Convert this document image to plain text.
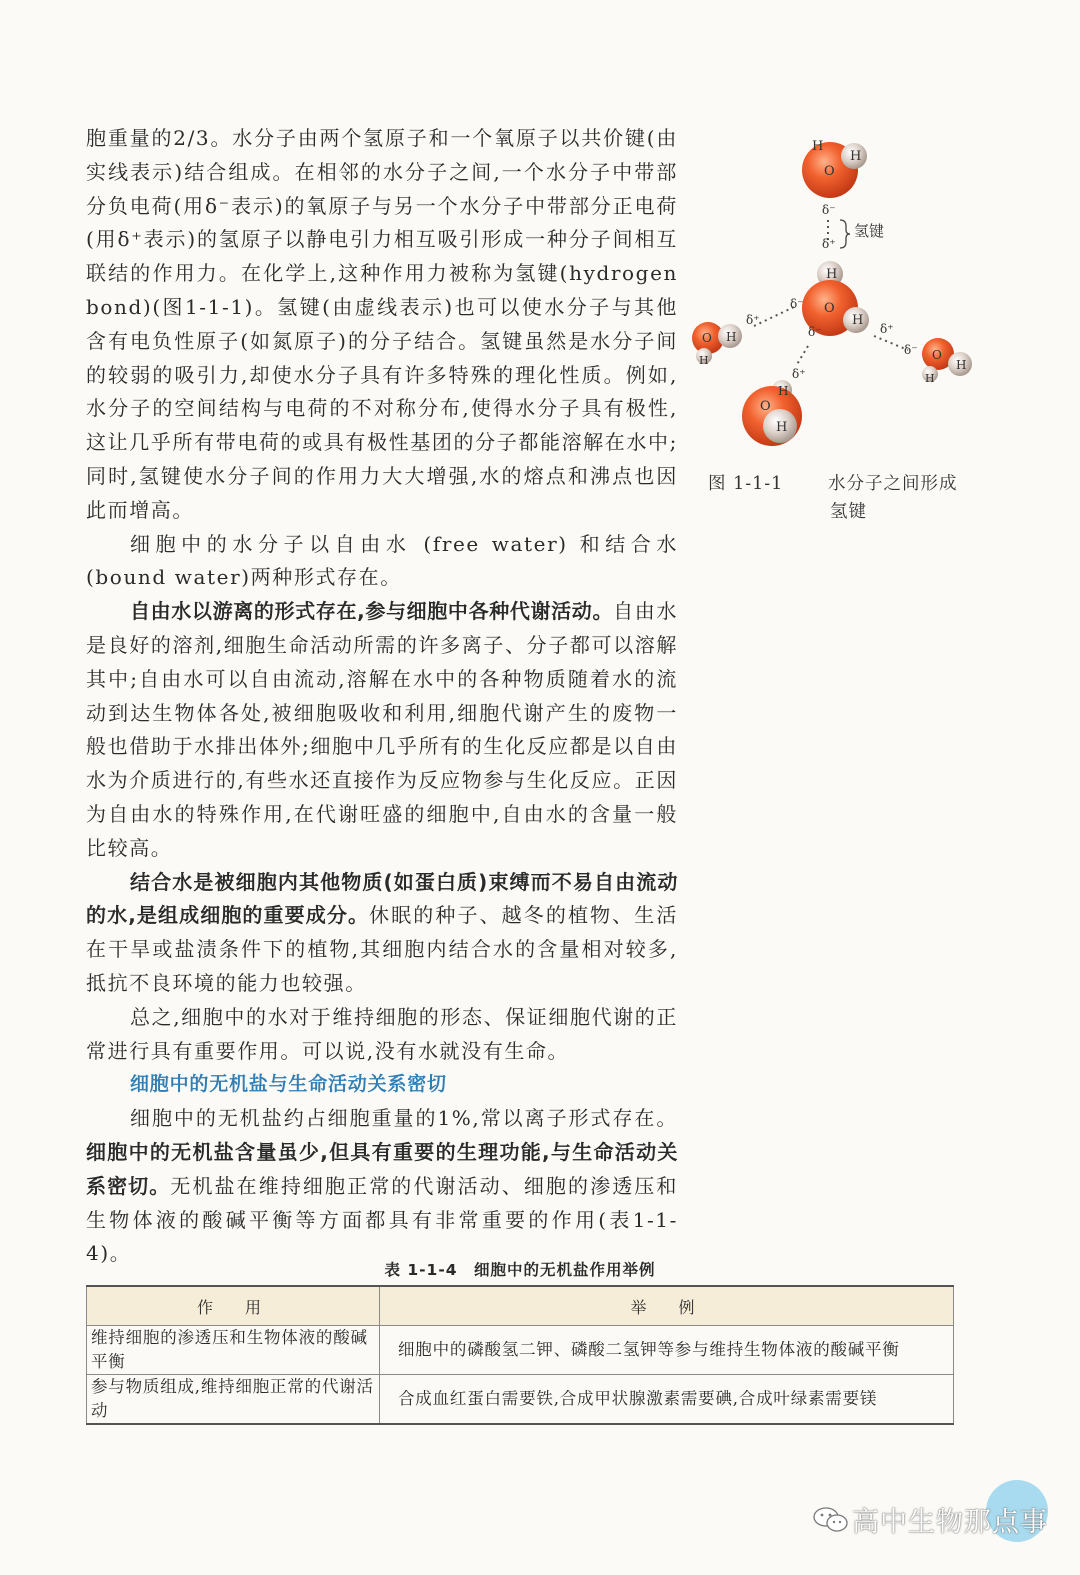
胞重量的2/3。水分子由两个氢原子和一个氧原子以共价键(由实线表示)结合组成。在相邻的水分子之间,一个水分子中带部分负电荷(用δ⁻表示)的氧原子与另一个水分子中带部分正电荷(用δ⁺表示)的氢原子以静电引力相互吸引形成一种分子间相互联结的作用力。在化学上,这种作用力被称为氢键(hydrogen bond)(图1-1-1)。氢键(由虚线表示)也可以使水分子与其他含有电负性原子(如氮原子)的分子结合。氢键虽然是水分子间的较弱的吸引力,却使水分子具有许多特殊的理化性质。例如,水分子的空间结构与电荷的不对称分布,使得水分子具有极性,这让几乎所有带电荷的或具有极性基团的分子都能溶解在水中;同时,氢键使水分子间的作用力大大增强,水的熔点和沸点也因此而增高。

细胞中的水分子以自由水 (free water) 和结合水(bound water)两种形式存在。

自由水以游离的形式存在,参与细胞中各种代谢活动。自由水是良好的溶剂,细胞生命活动所需的许多离子、分子都可以溶解其中;自由水可以自由流动,溶解在水中的各种物质随着水的流动到达生物体各处,被细胞吸收和利用,细胞代谢产生的废物一般也借助于水排出体外;细胞中几乎所有的生化反应都是以自由水为介质进行的,有些水还直接作为反应物参与生化反应。正因为自由水的特殊作用,在代谢旺盛的细胞中,自由水的含量一般比较高。

结合水是被细胞内其他物质(如蛋白质)束缚而不易自由流动的水,是组成细胞的重要成分。休眠的种子、越冬的植物、生活在干旱或盐渍条件下的植物,其细胞内结合水的含量相对较多,抵抗不良环境的能力也较强。

总之,细胞中的水对于维持细胞的形态、保证细胞代谢的正常进行具有重要作用。可以说,没有水就没有生命。

细胞中的无机盐与生命活动关系密切

细胞中的无机盐约占细胞重量的1%,常以离子形式存在。细胞中的无机盐含量虽少,但具有重要的生理功能,与生命活动关系密切。无机盐在维持细胞正常的代谢活动、细胞的渗透压和生物体液的酸碱平衡等方面都具有非常重要的作用(表1-1-4)。

H
H
O
δ⁻
δ⁺
氢键
H
O
H
δ⁻
δ⁺
δ⁻
O H
H
δ⁺
O
H
H
δ⁻
H
O
H
δ⁺
图 1-1-1	水分子之间形成
氢键
表 1-1-4　细胞中的无机盐作用举例
作　用	举　例
维持细胞的渗透压和生物体液的酸碱平衡	细胞中的磷酸氢二钾、磷酸二氢钾等参与维持生物体液的酸碱平衡
参与物质组成,维持细胞正常的代谢活动	合成血红蛋白需要铁,合成甲状腺激素需要碘,合成叶绿素需要镁
高中生物那点事
